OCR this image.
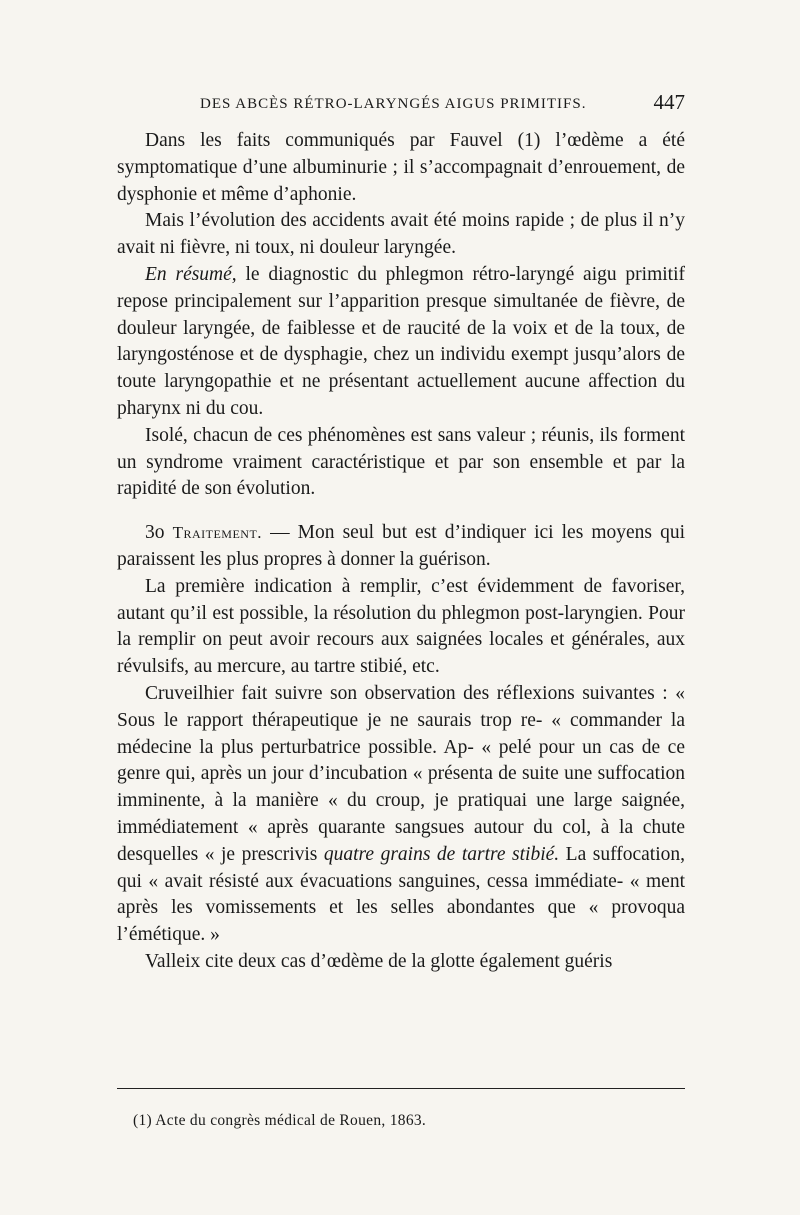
DES ABCÈS RÉTRO-LARYNGÉS AIGUS PRIMITIFS.	447

Dans les faits communiqués par Fauvel (1) l’œdème a été symptomatique d’une albuminurie ; il s’accompagnait d’enrouement, de dysphonie et même d’aphonie.

Mais l’évolution des accidents avait été moins rapide ; de plus il n’y avait ni fièvre, ni toux, ni douleur laryngée.

En résumé, le diagnostic du phlegmon rétro-laryngé aigu primitif repose principalement sur l’apparition presque simultanée de fièvre, de douleur laryngée, de faiblesse et de raucité de la voix et de la toux, de laryngosténose et de dysphagie, chez un individu exempt jusqu’alors de toute laryngopathie et ne présentant actuellement aucune affection du pharynx ni du cou.

Isolé, chacun de ces phénomènes est sans valeur ; réunis, ils forment un syndrome vraiment caractéristique et par son ensemble et par la rapidité de son évolution.

3o Traitement. — Mon seul but est d’indiquer ici les moyens qui paraissent les plus propres à donner la guérison.

La première indication à remplir, c’est évidemment de favoriser, autant qu’il est possible, la résolution du phlegmon post-laryngien. Pour la remplir on peut avoir recours aux saignées locales et générales, aux révulsifs, au mercure, au tartre stibié, etc.

Cruveilhier fait suivre son observation des réflexions suivantes : « Sous le rapport thérapeutique je ne saurais trop re- « commander la médecine la plus perturbatrice possible. Ap- « pelé pour un cas de ce genre qui, après un jour d’incubation « présenta de suite une suffocation imminente, à la manière « du croup, je pratiquai une large saignée, immédiatement « après quarante sangsues autour du col, à la chute desquelles « je prescrivis quatre grains de tartre stibié. La suffocation, qui « avait résisté aux évacuations sanguines, cessa immédiate- « ment après les vomissements et les selles abondantes que « provoqua l’émétique. »

Valleix cite deux cas d’œdème de la glotte également guéris

(1) Acte du congrès médical de Rouen, 1863.
